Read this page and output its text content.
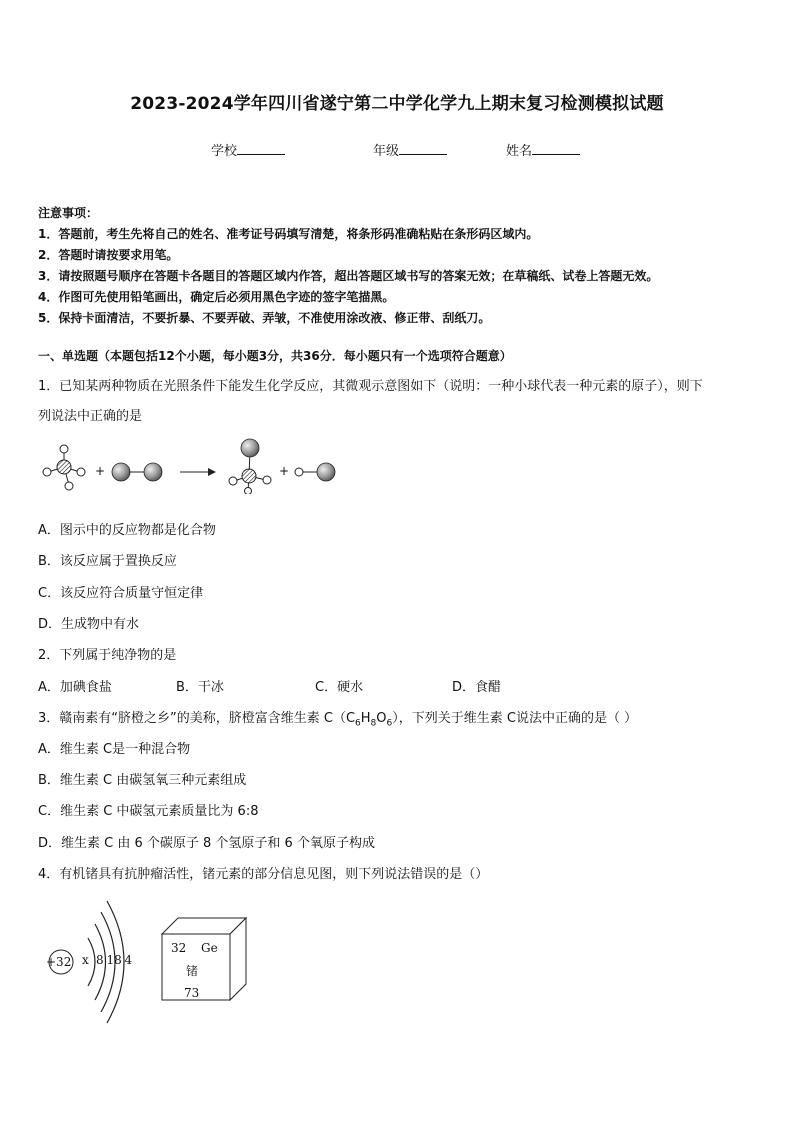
2023-2024学年四川省遂宁第二中学化学九上期末复习检测模拟试题
学校	年级	姓名
注意事项：
1．答题前，考生先将自己的姓名、准考证号码填写清楚，将条形码准确粘贴在条形码区域内。
2．答题时请按要求用笔。
3．请按照题号顺序在答题卡各题目的答题区域内作答，超出答题区域书写的答案无效；在草稿纸、试卷上答题无效。
4．作图可先使用铅笔画出，确定后必须用黑色字迹的签字笔描黑。
5．保持卡面清洁，不要折暴、不要弄破、弄皱，不准使用涂改液、修正带、刮纸刀。
一、单选题（本题包括12个小题，每小题3分，共36分．每小题只有一个选项符合题意）
1．已知某两种物质在光照条件下能发生化学反应，其微观示意图如下（说明：一种小球代表一种元素的原子），则下
列说法中正确的是
+	+
A．图示中的反应物都是化合物
B．该反应属于置换反应
C．该反应符合质量守恒定律
D．生成物中有水
2．下列属于纯净物的是
A．加碘食盐	B．干冰	C．硬水	D．食醋
3．赣南素有“脐橙之乡”的美称，脐橙富含维生素 $C(C_6H_8O_6)$，下列关于维生素 C说法中正确的是（ ）
A．维生素 C是一种混合物
B．维生素 C 由碳氢氧三种元素组成
C．维生素 C 中碳氢元素质量比为 6:8
D．维生素 C 由 6 个碳原子 8 个氢原子和 6 个氧原子构成
4．有机锗具有抗肿瘤活性，锗元素的部分信息见图，则下列说法错误的是（）
+32 x 8 18 4
32 Ge
锗
73
